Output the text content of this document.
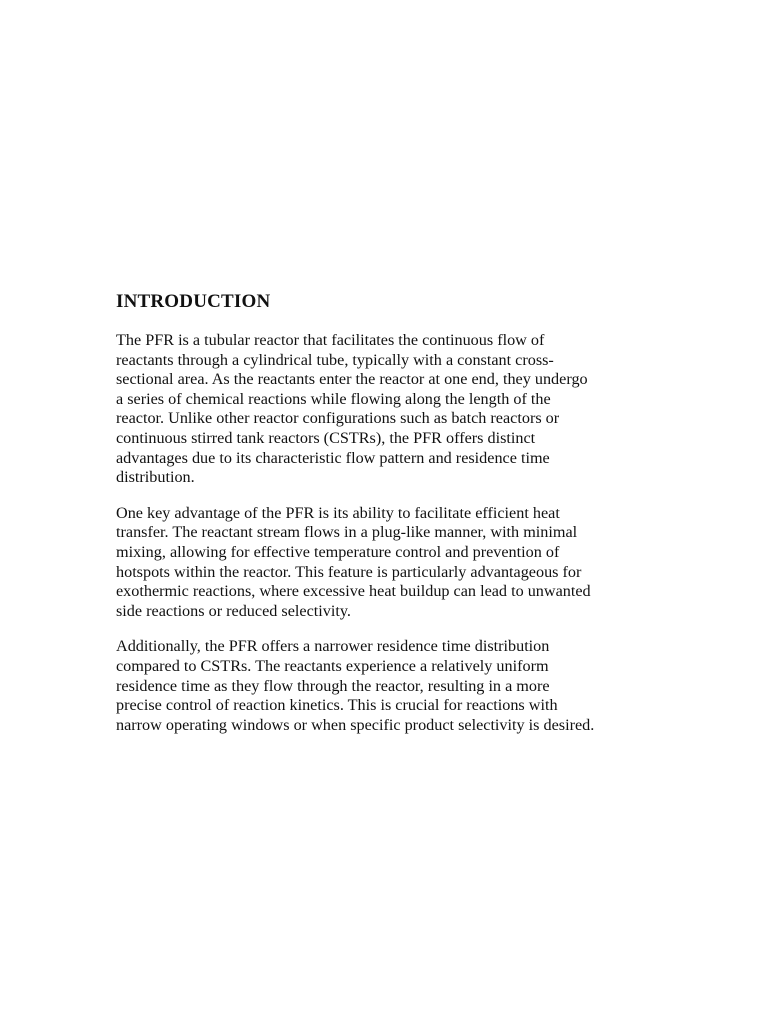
INTRODUCTION

The PFR is a tubular reactor that facilitates the continuous flow of
reactants through a cylindrical tube, typically with a constant cross-
sectional area. As the reactants enter the reactor at one end, they undergo
a series of chemical reactions while flowing along the length of the
reactor. Unlike other reactor configurations such as batch reactors or
continuous stirred tank reactors (CSTRs), the PFR offers distinct
advantages due to its characteristic flow pattern and residence time
distribution.

One key advantage of the PFR is its ability to facilitate efficient heat
transfer. The reactant stream flows in a plug-like manner, with minimal
mixing, allowing for effective temperature control and prevention of
hotspots within the reactor. This feature is particularly advantageous for
exothermic reactions, where excessive heat buildup can lead to unwanted
side reactions or reduced selectivity.

Additionally, the PFR offers a narrower residence time distribution
compared to CSTRs. The reactants experience a relatively uniform
residence time as they flow through the reactor, resulting in a more
precise control of reaction kinetics. This is crucial for reactions with
narrow operating windows or when specific product selectivity is desired.
